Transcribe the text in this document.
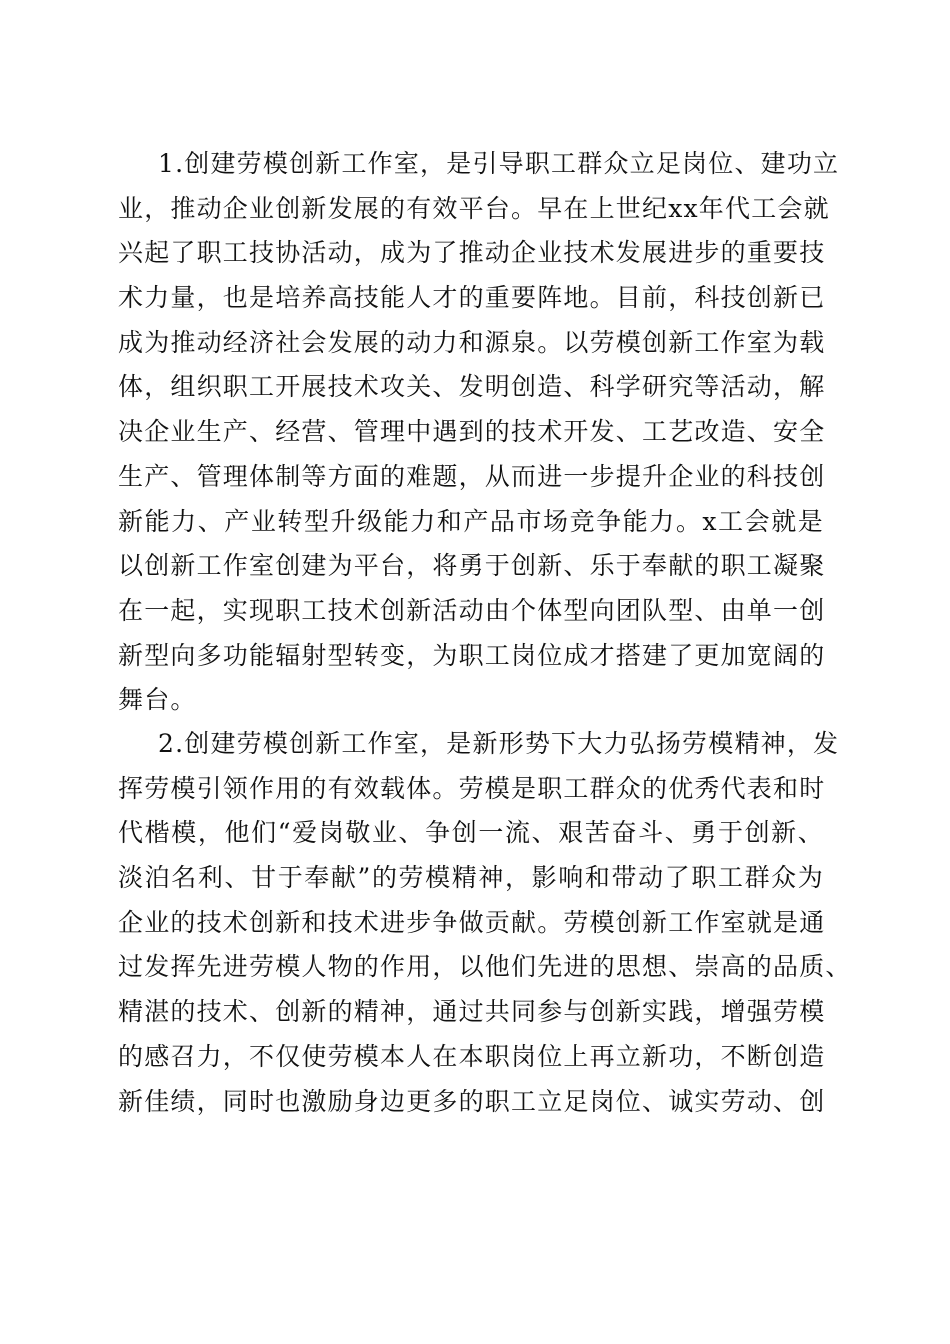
1.创建劳模创新工作室，是引导职工群众立足岗位、建功立
业，推动企业创新发展的有效平台。早在上世纪xx年代工会就
兴起了职工技协活动，成为了推动企业技术发展进步的重要技
术力量，也是培养高技能人才的重要阵地。目前，科技创新已
成为推动经济社会发展的动力和源泉。以劳模创新工作室为载
体，组织职工开展技术攻关、发明创造、科学研究等活动，解
决企业生产、经营、管理中遇到的技术开发、工艺改造、安全
生产、管理体制等方面的难题，从而进一步提升企业的科技创
新能力、产业转型升级能力和产品市场竞争能力。x工会就是
以创新工作室创建为平台，将勇于创新、乐于奉献的职工凝聚
在一起，实现职工技术创新活动由个体型向团队型、由单一创
新型向多功能辐射型转变，为职工岗位成才搭建了更加宽阔的
舞台。
2.创建劳模创新工作室，是新形势下大力弘扬劳模精神，发
挥劳模引领作用的有效载体。劳模是职工群众的优秀代表和时
代楷模，他们“爱岗敬业、争创一流、艰苦奋斗、勇于创新、
淡泊名利、甘于奉献”的劳模精神，影响和带动了职工群众为
企业的技术创新和技术进步争做贡献。劳模创新工作室就是通
过发挥先进劳模人物的作用，以他们先进的思想、崇高的品质、
精湛的技术、创新的精神，通过共同参与创新实践，增强劳模
的感召力，不仅使劳模本人在本职岗位上再立新功，不断创造
新佳绩，同时也激励身边更多的职工立足岗位、诚实劳动、创
